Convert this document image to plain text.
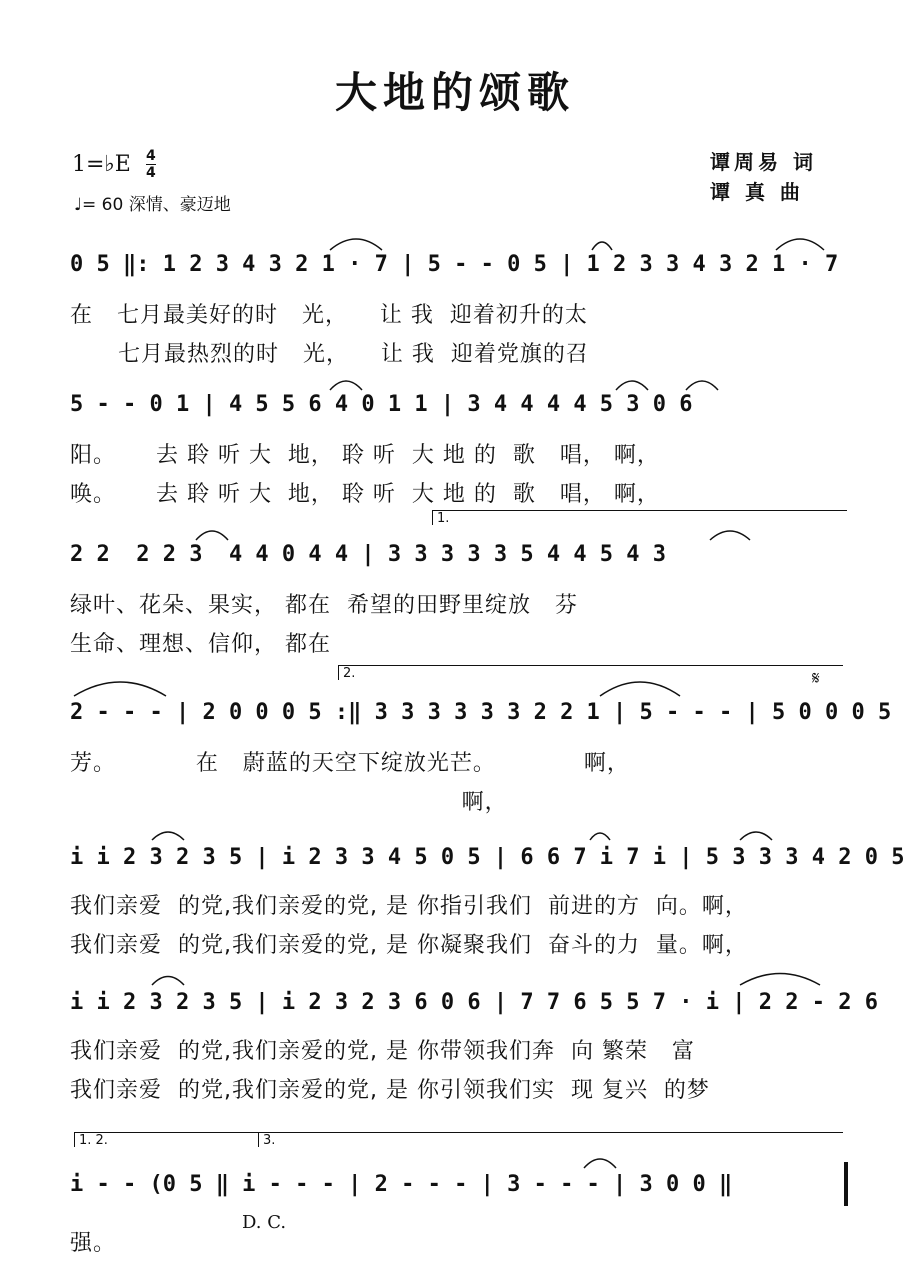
大地的颂歌
谭周易 词
谭 真 曲
1=♭E $\frac{4}{4}$
♩= 60 深情、豪迈地
0 5 ‖: 1 2 3 4 3 2 1 · 7 | 5 - - 0 5 | 1 2 3 3 4 3 2 1 · 7
在   七月最美好的时   光，    让 我  迎着初升的太
七月最热烈的时   光，    让 我  迎着党旗的召
5 - - 0 1 | 4 5 5 6 4 0 1 1 | 3 4 4 4 4 5 3 0 6
阳。     去 聆 听 大  地， 聆 听  大 地 的  歌   唱， 啊，
唤。     去 聆 听 大  地， 聆 听  大 地 的  歌   唱， 啊，
1.
2 2  2 2 3  4 4 0 4 4 | 3 3 3 3 3 5 4 4 5 4 3
绿叶、花朵、果实， 都在  希望的田野里绽放   芬
生命、理想、信仰， 都在
2.	𝄋
2 - - - | 2 0 0 0 5 :‖ 3 3 3 3 3 3 2 2 1 | 5 - - - | 5 0 0 0 5
芳。          在   蔚蓝的天空下绽放光芒。           啊，
啊，
i i 2 3 2 3 5 | i 2 3 3 4 5 0 5 | 6 6 7 i 7 i | 5 3 3 3 4 2 0 5
我们亲爱  的党,我们亲爱的党, 是 你指引我们  前进的方  向。啊，
我们亲爱  的党,我们亲爱的党, 是 你凝聚我们  奋斗的力  量。啊，
i i 2 3 2 3 5 | i 2 3 2 3 6 0 6 | 7 7 6 5 5 7 · i | 2 2 - 2 6
我们亲爱  的党,我们亲爱的党, 是 你带领我们奔  向 繁荣   富
我们亲爱  的党,我们亲爱的党, 是 你引领我们实  现 复兴  的梦
1. 2.	3.
i - - (0 5 ‖ i - - - | 2 - - - | 3 - - - | 3 0 0 ‖
强。
D. C.
